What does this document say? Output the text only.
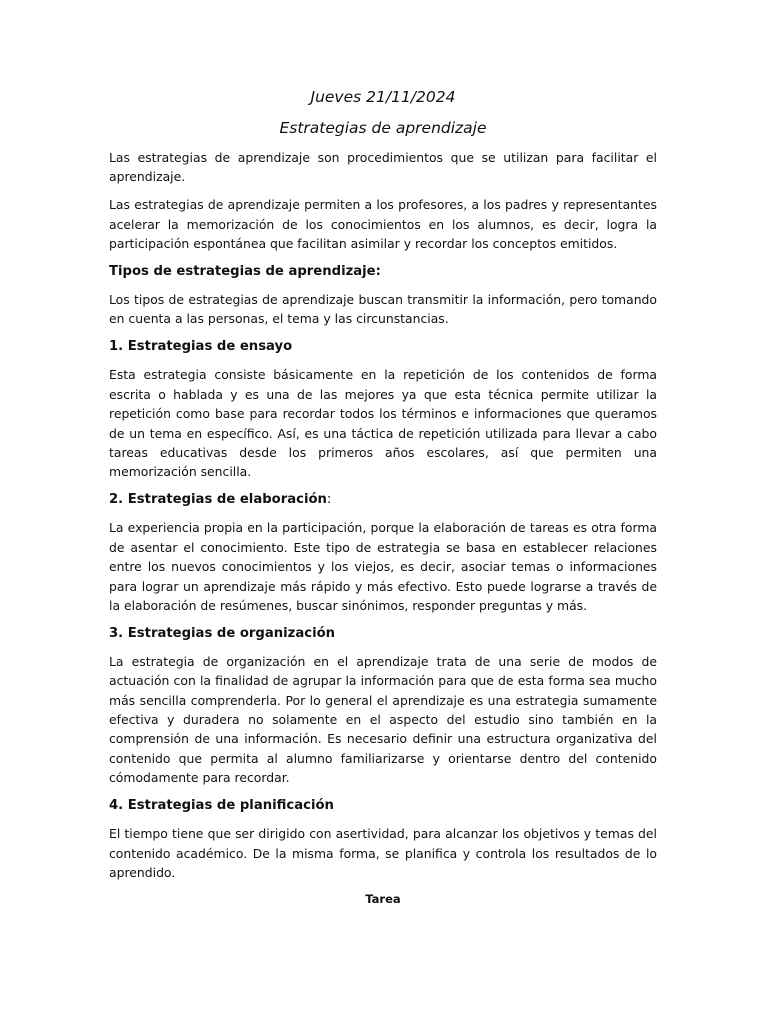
Jueves 21/11/2024

Estrategias de aprendizaje

Las estrategias de aprendizaje son procedimientos que se utilizan para facilitar el aprendizaje.

Las estrategias de aprendizaje permiten a los profesores, a los padres y representantes acelerar la memorización de los conocimientos en los alumnos, es decir, logra la participación espontánea que facilitan asimilar y recordar los conceptos emitidos.

Tipos de estrategias de aprendizaje:

Los tipos de estrategias de aprendizaje buscan transmitir la información, pero tomando en cuenta a las personas, el tema y las circunstancias.

1. Estrategias de ensayo

Esta estrategia consiste básicamente en la repetición de los contenidos de forma escrita o hablada y es una de las mejores ya que esta técnica permite utilizar la repetición como base para recordar todos los términos e informaciones que queramos de un tema en específico. Así, es una táctica de repetición utilizada para llevar a cabo tareas educativas desde los primeros años escolares, así que permiten una memorización sencilla.

2. Estrategias de elaboración:

La experiencia propia en la participación, porque la elaboración de tareas es otra forma de asentar el conocimiento. Este tipo de estrategia se basa en establecer relaciones entre los nuevos conocimientos y los viejos, es decir, asociar temas o informaciones para lograr un aprendizaje más rápido y más efectivo. Esto puede lograrse a través de la elaboración de resúmenes, buscar sinónimos, responder preguntas y más.

3. Estrategias de organización

La estrategia de organización en el aprendizaje trata de una serie de modos de actuación con la finalidad de agrupar la información para que de esta forma sea mucho más sencilla comprenderla. Por lo general el aprendizaje es una estrategia sumamente efectiva y duradera no solamente en el aspecto del estudio sino también en la comprensión de una información. Es necesario definir una estructura organizativa del contenido que permita al alumno familiarizarse y orientarse dentro del contenido cómodamente para recordar.

4. Estrategias de planificación

El tiempo tiene que ser dirigido con asertividad, para alcanzar los objetivos y temas del contenido académico. De la misma forma, se planifica y controla los resultados de lo aprendido.

Tarea
